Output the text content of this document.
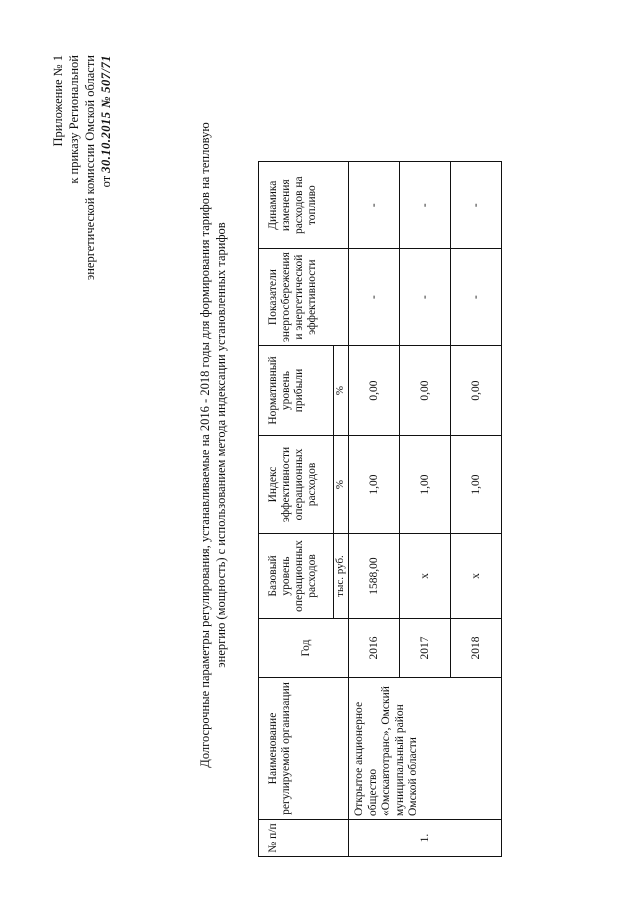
Приложение № 1 к приказу Региональной энергетической комиссии Омской области от 30.10.2015 № 507/71
Долгосрочные параметры регулирования, устанавливаемые на 2016 - 2018 годы для формирования тарифов на тепловую энергию (мощность) с использованием метода индексации установленных тарифов
№ п/п	Наименование регулируемой организации	Год	Базовый уровень операционных расходов	Индекс эффективности операционных расходов	Нормативный уровень прибыли	Показатели энергосбережения и энергетической эффективности	Динамика изменения расходов на топливо
			тыс. руб.	%	%		
1.	Открытое акционерное общество «Омскавтотранс», Омский муниципальный район Омской области	2016	1588,00	1,00	0,00	-	-
		2017	x	1,00	0,00	-	-
		2018	x	1,00	0,00	-	-
